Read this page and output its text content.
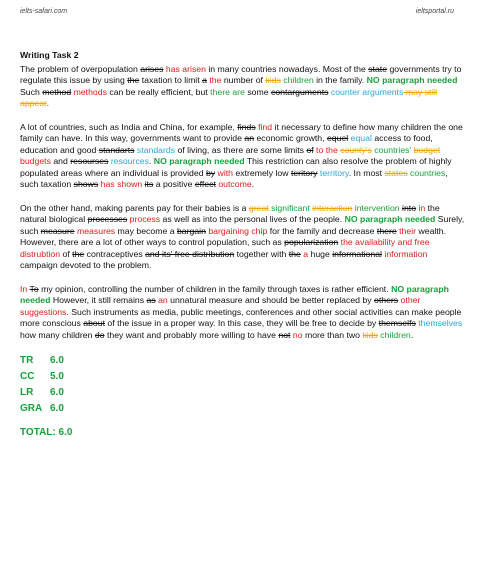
ielts-safari.com	ieltsportal.ru
Writing Task 2
The problem of overpopulation arises has arisen in many countries nowadays. Most of the state governments try to regulate this issue by using the taxation to limit a the number of kids children in the family. NO paragraph needed Such method methods can be really efficient, but there are some contarguments counter arguments may still appear.
A lot of countries, such as India and China, for example, finds find it necessary to define how many children the one family can have. In this way, governments want to provide an economic growth, equel equal access to food, education and good standarts standards of living, as there are some limits of to the county's countries' budget budgets and resourses resources. NO paragraph needed This restriction can also resolve the problem of highly populated areas where an individual is provided by with extremely low teritory territory. In most states countries, such taxation shows has shown its a positive effect outcome.
On the other hand, making parents pay for their babies is a great significant interaction intervention into in the natural biological processes process as well as into the personal lives of the people. NO paragraph needed Surely, such measure measures may become a bargain bargaining chip for the family and decrease there their wealth. However, there are a lot of other ways to control population, such as popularization the availability and free distrubtion of the contraceptives and its' free distribution together with the a huge informational information campaign devoted to the problem.
In To my opinion, controlling the number of children in the family through taxes is rather efficient. NO paragraph needed However, it still remains as an unnatural measure and should be better replaced by others other suggestions. Such instruments as media, public meetings, conferences and other social activities can make people more conscious about of the issue in a proper way. In this case, they will be free to decide by themselfs themselves how many children do they want and probably more willing to have not no more than two kids children.
TR	6.0
CC	5.0
LR	6.0
GRA 6.0
TOTAL: 6.0
